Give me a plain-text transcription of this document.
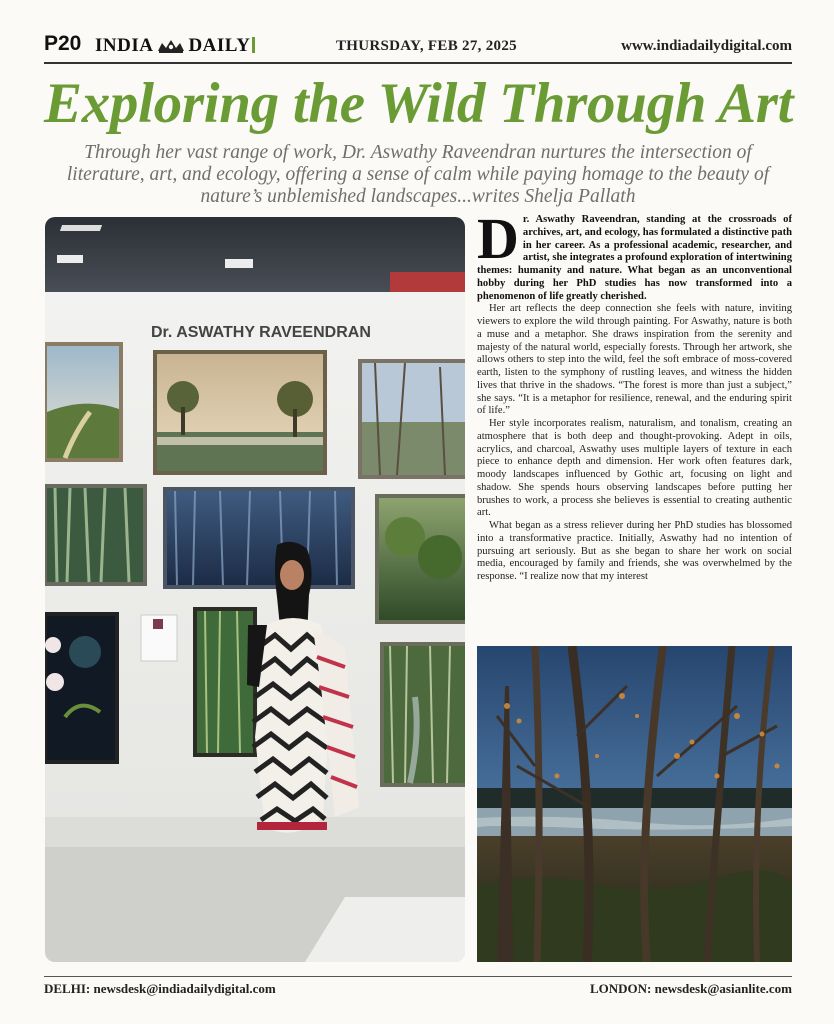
P20 INDIA DAILY	THURSDAY, FEB 27, 2025	www.indiadailydigital.com
Exploring the Wild Through Art

Through her vast range of work, Dr. Aswathy Raveendran nurtures the intersection of literature, art, and ecology, offering a sense of calm while paying homage to the beauty of nature’s unblemished landscapes...writes Shelja Pallath

Dr. ASWATHY RAVEENDRAN

Dr. Aswathy Raveendran, standing at the crossroads of archives, art, and ecology, has formulated a distinctive path in her career. As a professional academic, researcher, and artist, she integrates a profound exploration of intertwining themes: humanity and nature. What began as an unconventional hobby during her PhD studies has now transformed into a phenomenon of life greatly cherished.

Her art reflects the deep connection she feels with nature, inviting viewers to explore the wild through painting. For Aswathy, nature is both a muse and a metaphor. She draws inspiration from the serenity and majesty of the natural world, especially forests. Through her artwork, she allows others to step into the wild, feel the soft embrace of moss-covered earth, listen to the symphony of rustling leaves, and witness the hidden lives that thrive in the shadows. “The forest is more than just a subject,” she says. “It is a metaphor for resilience, renewal, and the enduring spirit of life.”

Her style incorporates realism, naturalism, and tonalism, creating an atmosphere that is both deep and thought-provoking. Adept in oils, acrylics, and charcoal, Aswathy uses multiple layers of texture in each piece to enhance depth and dimension. Her work often features dark, moody landscapes influenced by Gothic art, focusing on light and shadow. She spends hours observing landscapes before putting her brushes to work, a process she believes is essential to creating authentic art.

What began as a stress reliever during her PhD studies has blossomed into a transformative practice. Initially, Aswathy had no intention of pursuing art seriously. But as she began to share her work on social media, encouraged by family and friends, she was overwhelmed by the response. “I realize now that my interest

DELHI: newsdesk@indiadailydigital.com	LONDON: newsdesk@asianlite.com
